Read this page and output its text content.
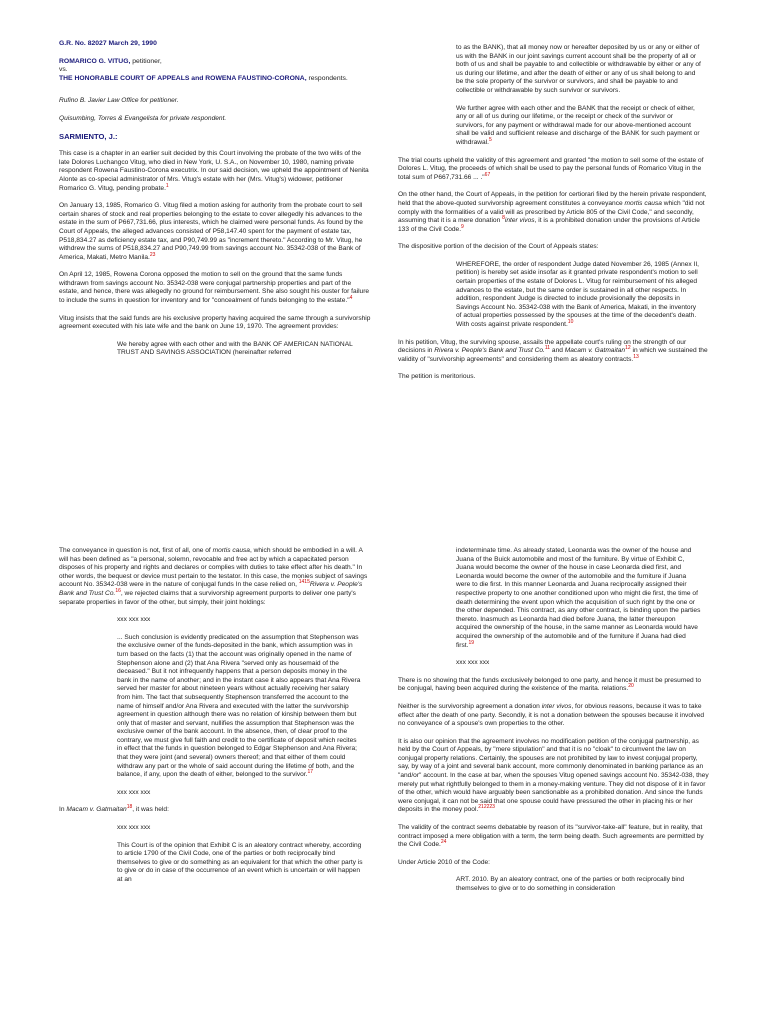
G.R. No. 82027 March 29, 1990

ROMARICO G. VITUG, petitioner,

vs.

THE HONORABLE COURT OF APPEALS and ROWENA FAUSTINO-CORONA, respondents.

Rufino B. Javier Law Office for petitioner.

Quisumbing, Torres & Evangelista for private respondent.

SARMIENTO, J.:

This case is a chapter in an earlier suit decided by this Court involving the probate of the two wills of the late Dolores Luchangco Vitug, who died in New York, U. S.A., on November 10, 1980, naming private respondent Rowena Faustino-Corona executrix. In our said decision, we upheld the appointment of Nenita Alonte as co-special administrator of Mrs. Vitug's estate with her (Mrs. Vitug's) widower, petitioner Romarico G. Vitug, pending probate.$^1$

On January 13, 1985, Romarico G. Vitug filed a motion asking for authority from the probate court to sell certain shares of stock and real properties belonging to the estate to cover allegedly his advances to the estate in the sum of P667,731.66, plus interests, which he claimed were personal funds. As found by the Court of Appeals, the alleged advances consisted of P58,147.40 spent for the payment of estate tax, P518,834.27 as deficiency estate tax, and P90,749.99 as "increment thereto." According to Mr. Vitug, he withdrew the sums of P518,834.27 and P90,749.99 from savings account No. 35342-038 of the Bank of America, Makati, Metro Manila.$^{23}$

On April 12, 1985, Rowena Corona opposed the motion to sell on the ground that the same funds withdrawn from savings account No. 35342-038 were conjugal partnership properties and part of the estate, and hence, there was allegedly no ground for reimbursement. She also sought his ouster for failure to include the sums in question for inventory and for "concealment of funds belonging to the estate."$^4$

Vitug insists that the said funds are his exclusive property having acquired the same through a survivorship agreement executed with his late wife and the bank on June 19, 1970. The agreement provides:

We hereby agree with each other and with the BANK OF AMERICAN NATIONAL TRUST AND SAVINGS ASSOCIATION (hereinafter referred

to as the BANK), that all money now or hereafter deposited by us or any or either of us with the BANK in our joint savings current account shall be the property of all or both of us and shall be payable to and collectible or withdrawable by either or any of us during our lifetime, and after the death of either or any of us shall belong to and be the sole property of the survivor or survivors, and shall be payable to and collectible or withdrawable by such survivor or survivors.

We further agree with each other and the BANK that the receipt or check of either, any or all of us during our lifetime, or the receipt or check of the survivor or survivors, for any payment or withdrawal made for our above-mentioned account shall be valid and sufficient release and discharge of the BANK for such payment or withdrawal.$^5$

The trial courts upheld the validity of this agreement and granted "the motion to sell some of the estate of Dolores L. Vitug, the proceeds of which shall be used to pay the personal funds of Romarico Vitug in the total sum of P667,731.66 ... ."$^{67}$

On the other hand, the Court of Appeals, in the petition for certiorari filed by the herein private respondent, held that the above-quoted survivorship agreement constitutes a conveyance mortis causa which "did not comply with the formalities of a valid will as prescribed by Article 805 of the Civil Code," and secondly, assuming that it is a mere donation $^8$inter vivos, it is a prohibited donation under the provisions of Article 133 of the Civil Code.$^9$

The dispositive portion of the decision of the Court of Appeals states:

WHEREFORE, the order of respondent Judge dated November 26, 1985 (Annex II, petition) is hereby set aside insofar as it granted private respondent's motion to sell certain properties of the estate of Dolores L. Vitug for reimbursement of his alleged advances to the estate, but the same order is sustained in all other respects. In addition, respondent Judge is directed to include provisionally the deposits in Savings Account No. 35342-038 with the Bank of America, Makati, in the inventory of actual properties possessed by the spouses at the time of the decedent's death. With costs against private respondent.$^{10}$

In his petition, Vitug, the surviving spouse, assails the appellate court's ruling on the strength of our decisions in Rivera v. People's Bank and Trust Co.$^{11}$ and Macam v. Gatmaitan$^{12}$ in which we sustained the validity of "survivorship agreements" and considering them as aleatory contracts.$^{13}$

The petition is meritorious.

The conveyance in question is not, first of all, one of mortis causa, which should be embodied in a will. A will has been defined as "a personal, solemn, revocable and free act by which a capacitated person disposes of his property and rights and declares or complies with duties to take effect after his death." In other words, the bequest or device must pertain to the testator. In this case, the monies subject of savings account No. 35342-038 were in the nature of conjugal funds In the case relied on, $^{1415}$Rivera v. People's Bank and Trust Co.$^{16}$, we rejected claims that a survivorship agreement purports to deliver one party's separate properties in favor of the other, but simply, their joint holdings:

xxx xxx xxx

... Such conclusion is evidently predicated on the assumption that Stephenson was the exclusive owner of the funds-deposited in the bank, which assumption was in turn based on the facts (1) that the account was originally opened in the name of Stephenson alone and (2) that Ana Rivera "served only as housemaid of the deceased." But it not infrequently happens that a person deposits money in the bank in the name of another; and in the instant case it also appears that Ana Rivera served her master for about nineteen years without actually receiving her salary from him. The fact that subsequently Stephenson transferred the account to the name of himself and/or Ana Rivera and executed with the latter the survivorship agreement in question although there was no relation of kinship between them but only that of master and servant, nullifies the assumption that Stephenson was the exclusive owner of the bank account. In the absence, then, of clear proof to the contrary, we must give full faith and credit to the certificate of deposit which recites in effect that the funds in question belonged to Edgar Stephenson and Ana Rivera; that they were joint (and several) owners thereof; and that either of them could withdraw any part or the whole of said account during the lifetime of both, and the balance, if any, upon the death of either, belonged to the survivor.$^{17}$

xxx xxx xxx

In Macam v. Gatmaitan$^{18}$, it was held:

xxx xxx xxx

This Court is of the opinion that Exhibit C is an aleatory contract whereby, according to article 1790 of the Civil Code, one of the parties or both reciprocally bind themselves to give or do something as an equivalent for that which the other party is to give or do in case of the occurrence of an event which is uncertain or will happen at an

indeterminate time. As already stated, Leonarda was the owner of the house and Juana of the Buick automobile and most of the furniture. By virtue of Exhibit C, Juana would become the owner of the house in case Leonarda died first, and Leonarda would become the owner of the automobile and the furniture if Juana were to die first. In this manner Leonarda and Juana reciprocally assigned their respective property to one another conditioned upon who might die first, the time of death determining the event upon which the acquisition of such right by the one or the other depended. This contract, as any other contract, is binding upon the parties thereto. Inasmuch as Leonarda had died before Juana, the latter thereupon acquired the ownership of the house, in the same manner as Leonarda would have acquired the ownership of the automobile and of the furniture if Juana had died first.$^{19}$

xxx xxx xxx

There is no showing that the funds exclusively belonged to one party, and hence it must be presumed to be conjugal, having been acquired during the existence of the marita. relations.$^{20}$

Neither is the survivorship agreement a donation inter vivos, for obvious reasons, because it was to take effect after the death of one party. Secondly, it is not a donation between the spouses because it involved no conveyance of a spouse's own properties to the other.

It is also our opinion that the agreement involves no modification petition of the conjugal partnership, as held by the Court of Appeals, by "mere stipulation" and that it is no "cloak" to circumvent the law on conjugal property relations. Certainly, the spouses are not prohibited by law to invest conjugal property, say, by way of a joint and several bank account, more commonly denominated in banking parlance as an "and/or" account. In the case at bar, when the spouses Vitug opened savings account No. 35342-038, they merely put what rightfully belonged to them in a money-making venture. They did not dispose of it in favor of the other, which would have arguably been sanctionable as a prohibited donation. And since the funds were conjugal, it can not be said that one spouse could have pressured the other in placing his or her deposits in the money pool.$^{212223}$

The validity of the contract seems debatable by reason of its "survivor-take-all" feature, but in reality, that contract imposed a mere obligation with a term, the term being death. Such agreements are permitted by the Civil Code.$^{24}$

Under Article 2010 of the Code:

ART. 2010. By an aleatory contract, one of the parties or both reciprocally bind themselves to give or to do something in consideration
